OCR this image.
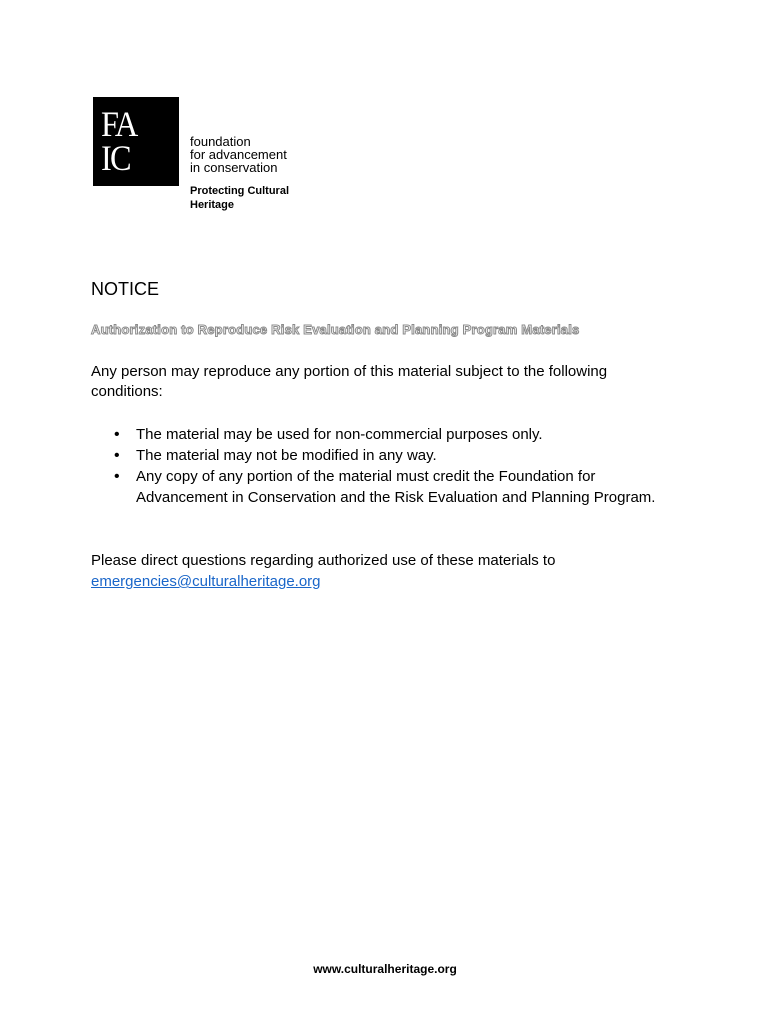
FA
IC	foundation
for advancement
in conservation
Protecting Cultural
Heritage
NOTICE
Authorization to Reproduce Risk Evaluation and Planning Program Materials
Any person may reproduce any portion of this material subject to the following conditions:
• The material may be used for non-commercial purposes only.
• The material may not be modified in any way.
• Any copy of any portion of the material must credit the Foundation for Advancement in Conservation and the Risk Evaluation and Planning Program.
Please direct questions regarding authorized use of these materials to
emergencies@culturalheritage.org
www.culturalheritage.org
